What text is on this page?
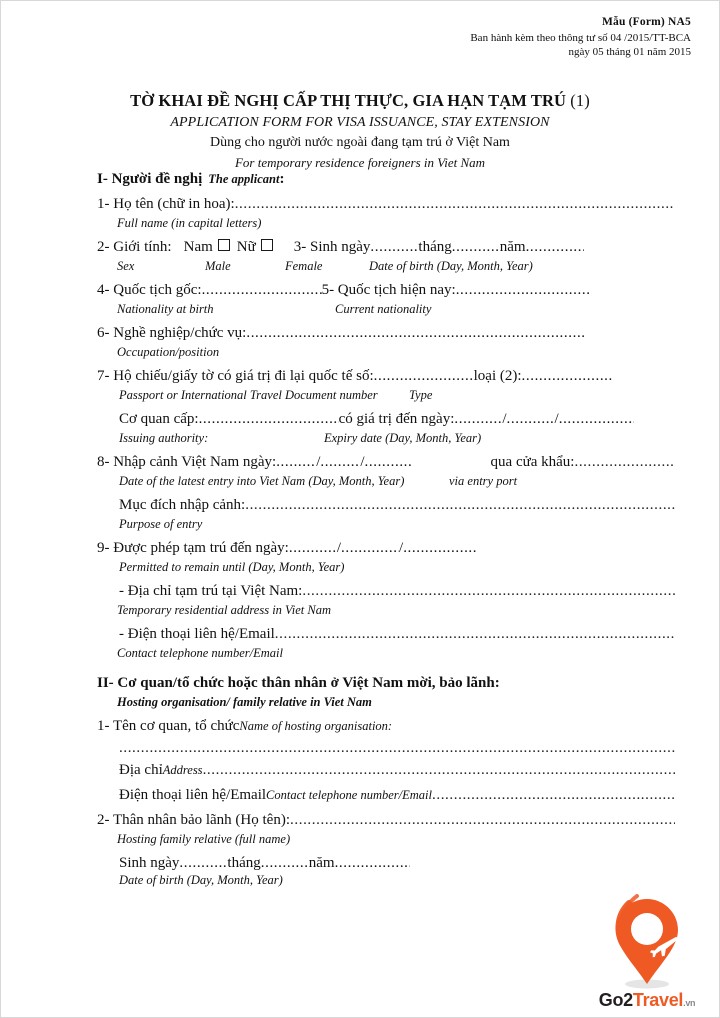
Mẫu (Form) NA5
Ban hành kèm theo thông tư số 04 /2015/TT-BCA
ngày 05 tháng 01 năm 2015
TỜ KHAI ĐỀ NGHỊ CẤP THỊ THỰC, GIA HẠN TẠM TRÚ (1)
APPLICATION FORM FOR VISA ISSUANCE, STAY EXTENSION
Dùng cho người nước ngoài đang tạm trú ở Việt Nam
For temporary residence foreigners in Viet Nam
I- Người đề nghị The applicant :
1- Họ tên (chữ in hoa):
.....
Full name (in capital letters)
2- Giới tính: Nam Nữ	3- Sinh ngày .....	tháng .....	năm
.....
Sex	Male	Female	Date of birth (Day, Month, Year)
4- Quốc tịch gốc: .....	5- Quốc tịch hiện nay:
.....
Nationality at birth	Current nationality
6- Nghề nghiệp/chức vụ:
.....
Occupation/position
7- Hộ chiếu/giấy tờ có giá trị đi lại quốc tế số: .....	loại (2):
.....
Passport or International Travel Document number	Type
Cơ quan cấp: .....	có giá trị đến ngày: .....	/ .....	/
.....
Issuing authority:	Expiry date (Day, Month, Year)
8- Nhập cảnh Việt Nam ngày: .....	/ .....	/ .....	qua cửa khẩu:
.....
Date of the latest entry into Viet Nam (Day, Month, Year)	via entry port
Mục đích nhập cảnh:
.....
Purpose of entry
9- Được phép tạm trú đến ngày: .....	/ .....	/
.....
Permitted to remain until (Day, Month, Year)
- Địa chỉ tạm trú tại Việt Nam:
.....
Temporary residential address in Viet Nam
- Điện thoại liên hệ/Email
.....
Contact telephone number/Email
II- Cơ quan/tổ chức hoặc thân nhân ở Việt Nam mời, bảo lãnh:
Hosting organisation/ family relative in Viet Nam
1- Tên cơ quan, tổ chức Name of hosting organisation:
.....
Địa chỉ Address
.....
Điện thoại liên hệ/Email Contact telephone number/Email
.....
2- Thân nhân bảo lãnh (Họ tên):
.....
Hosting family relative (full name)
Sinh ngày .....	tháng .....	năm
.....
Date of birth (Day, Month, Year)
Go2Travel.vn
